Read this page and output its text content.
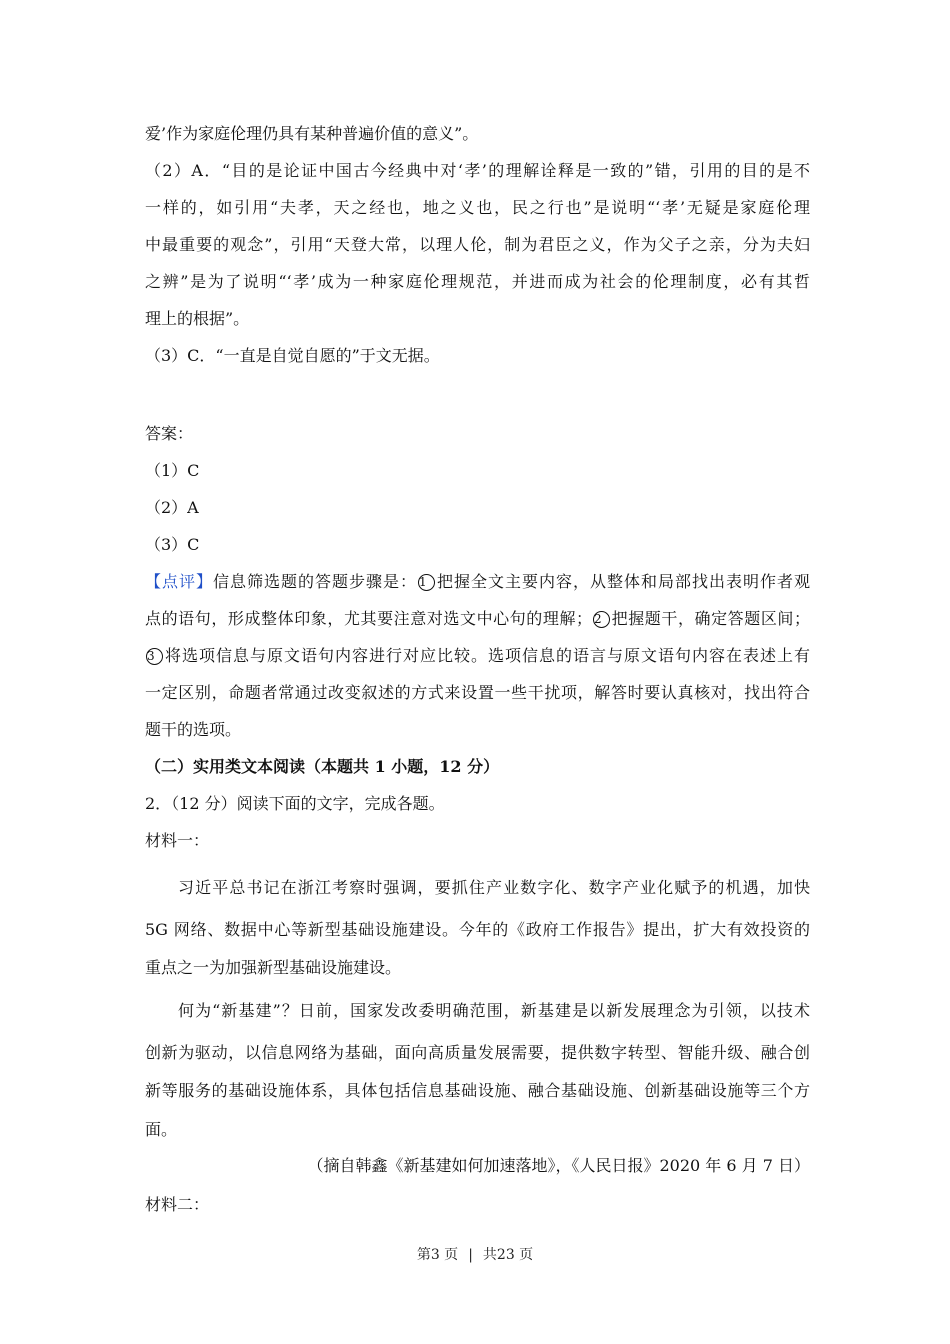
爱’作为家庭伦理仍具有某种普遍价值的意义”。
（2）A．“目的是论证中国古今经典中对‘孝’的理解诠释是一致的”错，引用的目的是不
一样的，如引用“夫孝，天之经也，地之义也，民之行也”是说明“‘孝’无疑是家庭伦理
中最重要的观念”，引用“天登大常，以理人伦，制为君臣之义，作为父子之亲，分为夫妇
之辨”是为了说明“‘孝’成为一种家庭伦理规范，并进而成为社会的伦理制度，必有其哲
理上的根据”。
（3）C．“一直是自觉自愿的”于文无据。
答案：
（1）C
（2）A
（3）C
【点评】信息筛选题的答题步骤是： 1 把握全文主要内容，从整体和局部找出表明作者观
点的语句，形成整体印象，尤其要注意对选文中心句的理解； 2 把握题干，确定答题区间；
3 将选项信息与原文语句内容进行对应比较。选项信息的语言与原文语句内容在表述上有
一定区别，命题者常通过改变叙述的方式来设置一些干扰项，解答时要认真核对，找出符合
题干的选项。
（二）实用类文本阅读（本题共 1 小题，12 分）
2．（12 分）阅读下面的文字，完成各题。
材料一：
习近平总书记在浙江考察时强调，要抓住产业数字化、数字产业化赋予的机遇，加快
5G 网络、数据中心等新型基础设施建设。今年的《政府工作报告》提出，扩大有效投资的
重点之一为加强新型基础设施建设。
何为“新基建”？日前，国家发改委明确范围，新基建是以新发展理念为引领，以技术
创新为驱动，以信息网络为基础，面向高质量发展需要，提供数字转型、智能升级、融合创
新等服务的基础设施体系，具体包括信息基础设施、融合基础设施、创新基础设施等三个方
面。
（摘自韩鑫《新基建如何加速落地》，《人民日报》2020 年 6 月 7 日）
材料二：
第3 页 | 共23 页
